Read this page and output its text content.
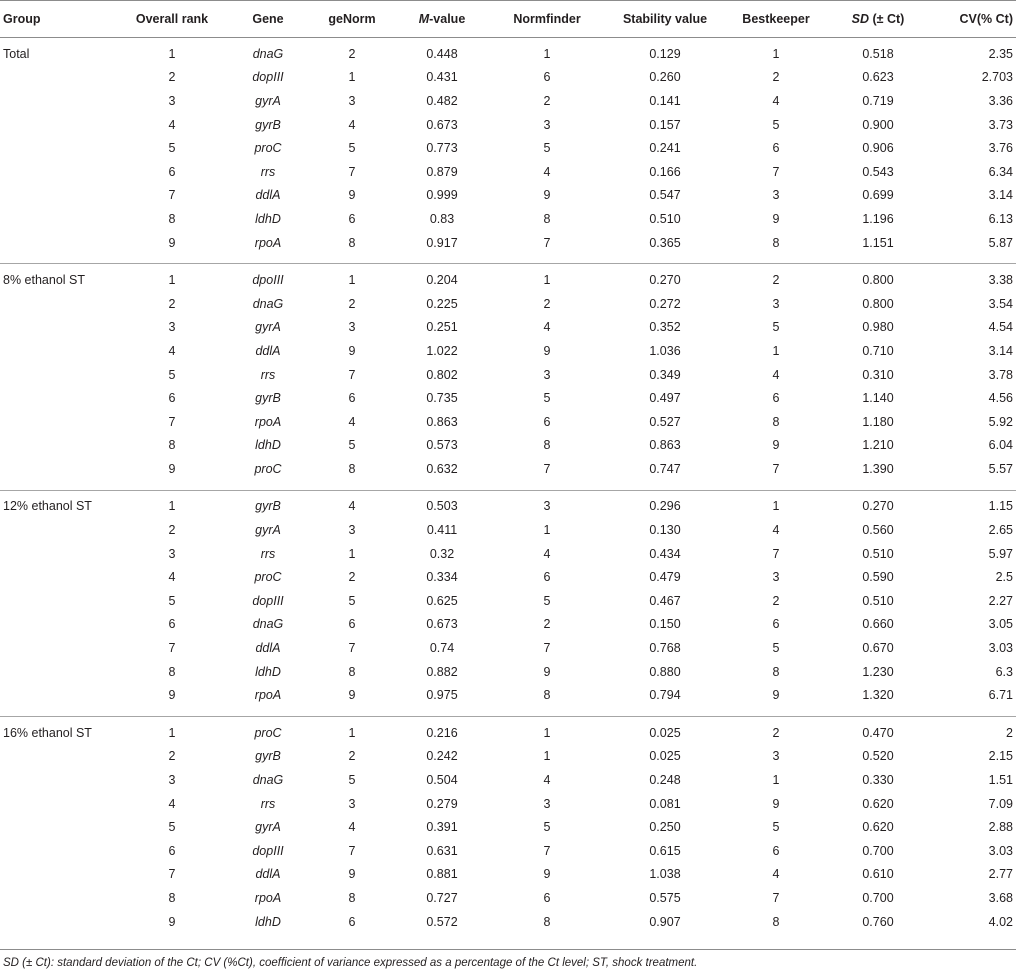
Group	Overall rank	Gene	geNorm	M-value	Normfinder	Stability value	Bestkeeper	SD (± Ct)	CV(% Ct)
Total	1	dnaG	2	0.448	1	0.129	1	0.518	2.35
	2	dopIII	1	0.431	6	0.260	2	0.623	2.703
	3	gyrA	3	0.482	2	0.141	4	0.719	3.36
	4	gyrB	4	0.673	3	0.157	5	0.900	3.73
	5	proC	5	0.773	5	0.241	6	0.906	3.76
	6	rrs	7	0.879	4	0.166	7	0.543	6.34
	7	ddlA	9	0.999	9	0.547	3	0.699	3.14
	8	ldhD	6	0.83	8	0.510	9	1.196	6.13
	9	rpoA	8	0.917	7	0.365	8	1.151	5.87

8% ethanol ST	1	dpoIII	1	0.204	1	0.270	2	0.800	3.38
	2	dnaG	2	0.225	2	0.272	3	0.800	3.54
	3	gyrA	3	0.251	4	0.352	5	0.980	4.54
	4	ddlA	9	1.022	9	1.036	1	0.710	3.14
	5	rrs	7	0.802	3	0.349	4	0.310	3.78
	6	gyrB	6	0.735	5	0.497	6	1.140	4.56
	7	rpoA	4	0.863	6	0.527	8	1.180	5.92
	8	ldhD	5	0.573	8	0.863	9	1.210	6.04
	9	proC	8	0.632	7	0.747	7	1.390	5.57

12% ethanol ST	1	gyrB	4	0.503	3	0.296	1	0.270	1.15
	2	gyrA	3	0.411	1	0.130	4	0.560	2.65
	3	rrs	1	0.32	4	0.434	7	0.510	5.97
	4	proC	2	0.334	6	0.479	3	0.590	2.5
	5	dopIII	5	0.625	5	0.467	2	0.510	2.27
	6	dnaG	6	0.673	2	0.150	6	0.660	3.05
	7	ddlA	7	0.74	7	0.768	5	0.670	3.03
	8	ldhD	8	0.882	9	0.880	8	1.230	6.3
	9	rpoA	9	0.975	8	0.794	9	1.320	6.71

16% ethanol ST	1	proC	1	0.216	1	0.025	2	0.470	2
	2	gyrB	2	0.242	1	0.025	3	0.520	2.15
	3	dnaG	5	0.504	4	0.248	1	0.330	1.51
	4	rrs	3	0.279	3	0.081	9	0.620	7.09
	5	gyrA	4	0.391	5	0.250	5	0.620	2.88
	6	dopIII	7	0.631	7	0.615	6	0.700	3.03
	7	ddlA	9	0.881	9	1.038	4	0.610	2.77
	8	rpoA	8	0.727	6	0.575	7	0.700	3.68
	9	ldhD	6	0.572	8	0.907	8	0.760	4.02
SD (± Ct): standard deviation of the Ct; CV (%Ct), coefficient of variance expressed as a percentage of the Ct level; ST, shock treatment.
